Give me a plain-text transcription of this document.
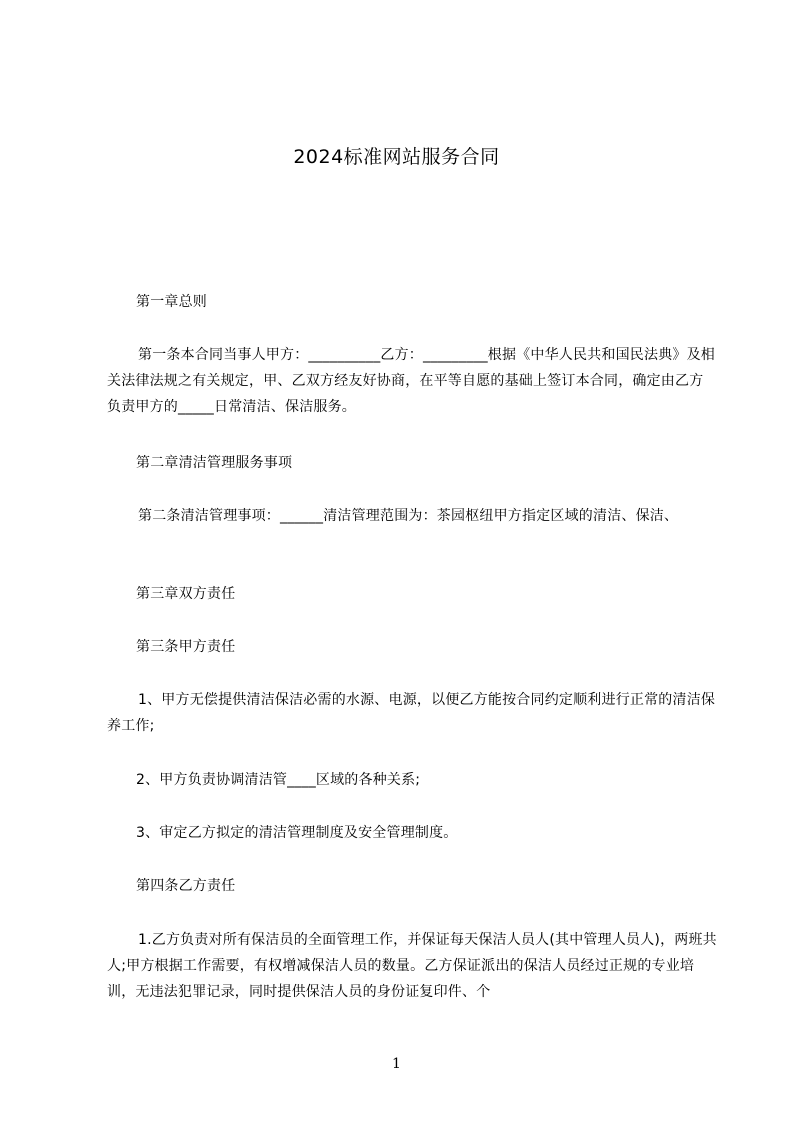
2024标准网站服务合同
第一章总则
第一条本合同当事人甲方：__________乙方：_________根据《中华人民共和国民法典》及相关法律法规之有关规定，甲、乙双方经友好协商，在平等自愿的基础上签订本合同，确定由乙方负责甲方的_____日常清洁、保洁服务。
第二章清洁管理服务事项
第二条清洁管理事项：______清洁管理范围为：茶园枢纽甲方指定区域的清洁、保洁、
第三章双方责任
第三条甲方责任
1、甲方无偿提供清洁保洁必需的水源、电源，以便乙方能按合同约定顺利进行正常的清洁保养工作;
2、甲方负责协调清洁管____区域的各种关系;
3、审定乙方拟定的清洁管理制度及安全管理制度。
第四条乙方责任
1.乙方负责对所有保洁员的全面管理工作，并保证每天保洁人员人(其中管理人员人)，两班共人;甲方根据工作需要，有权增减保洁人员的数量。乙方保证派出的保洁人员经过正规的专业培训，无违法犯罪记录，同时提供保洁人员的身份证复印件、个
1
